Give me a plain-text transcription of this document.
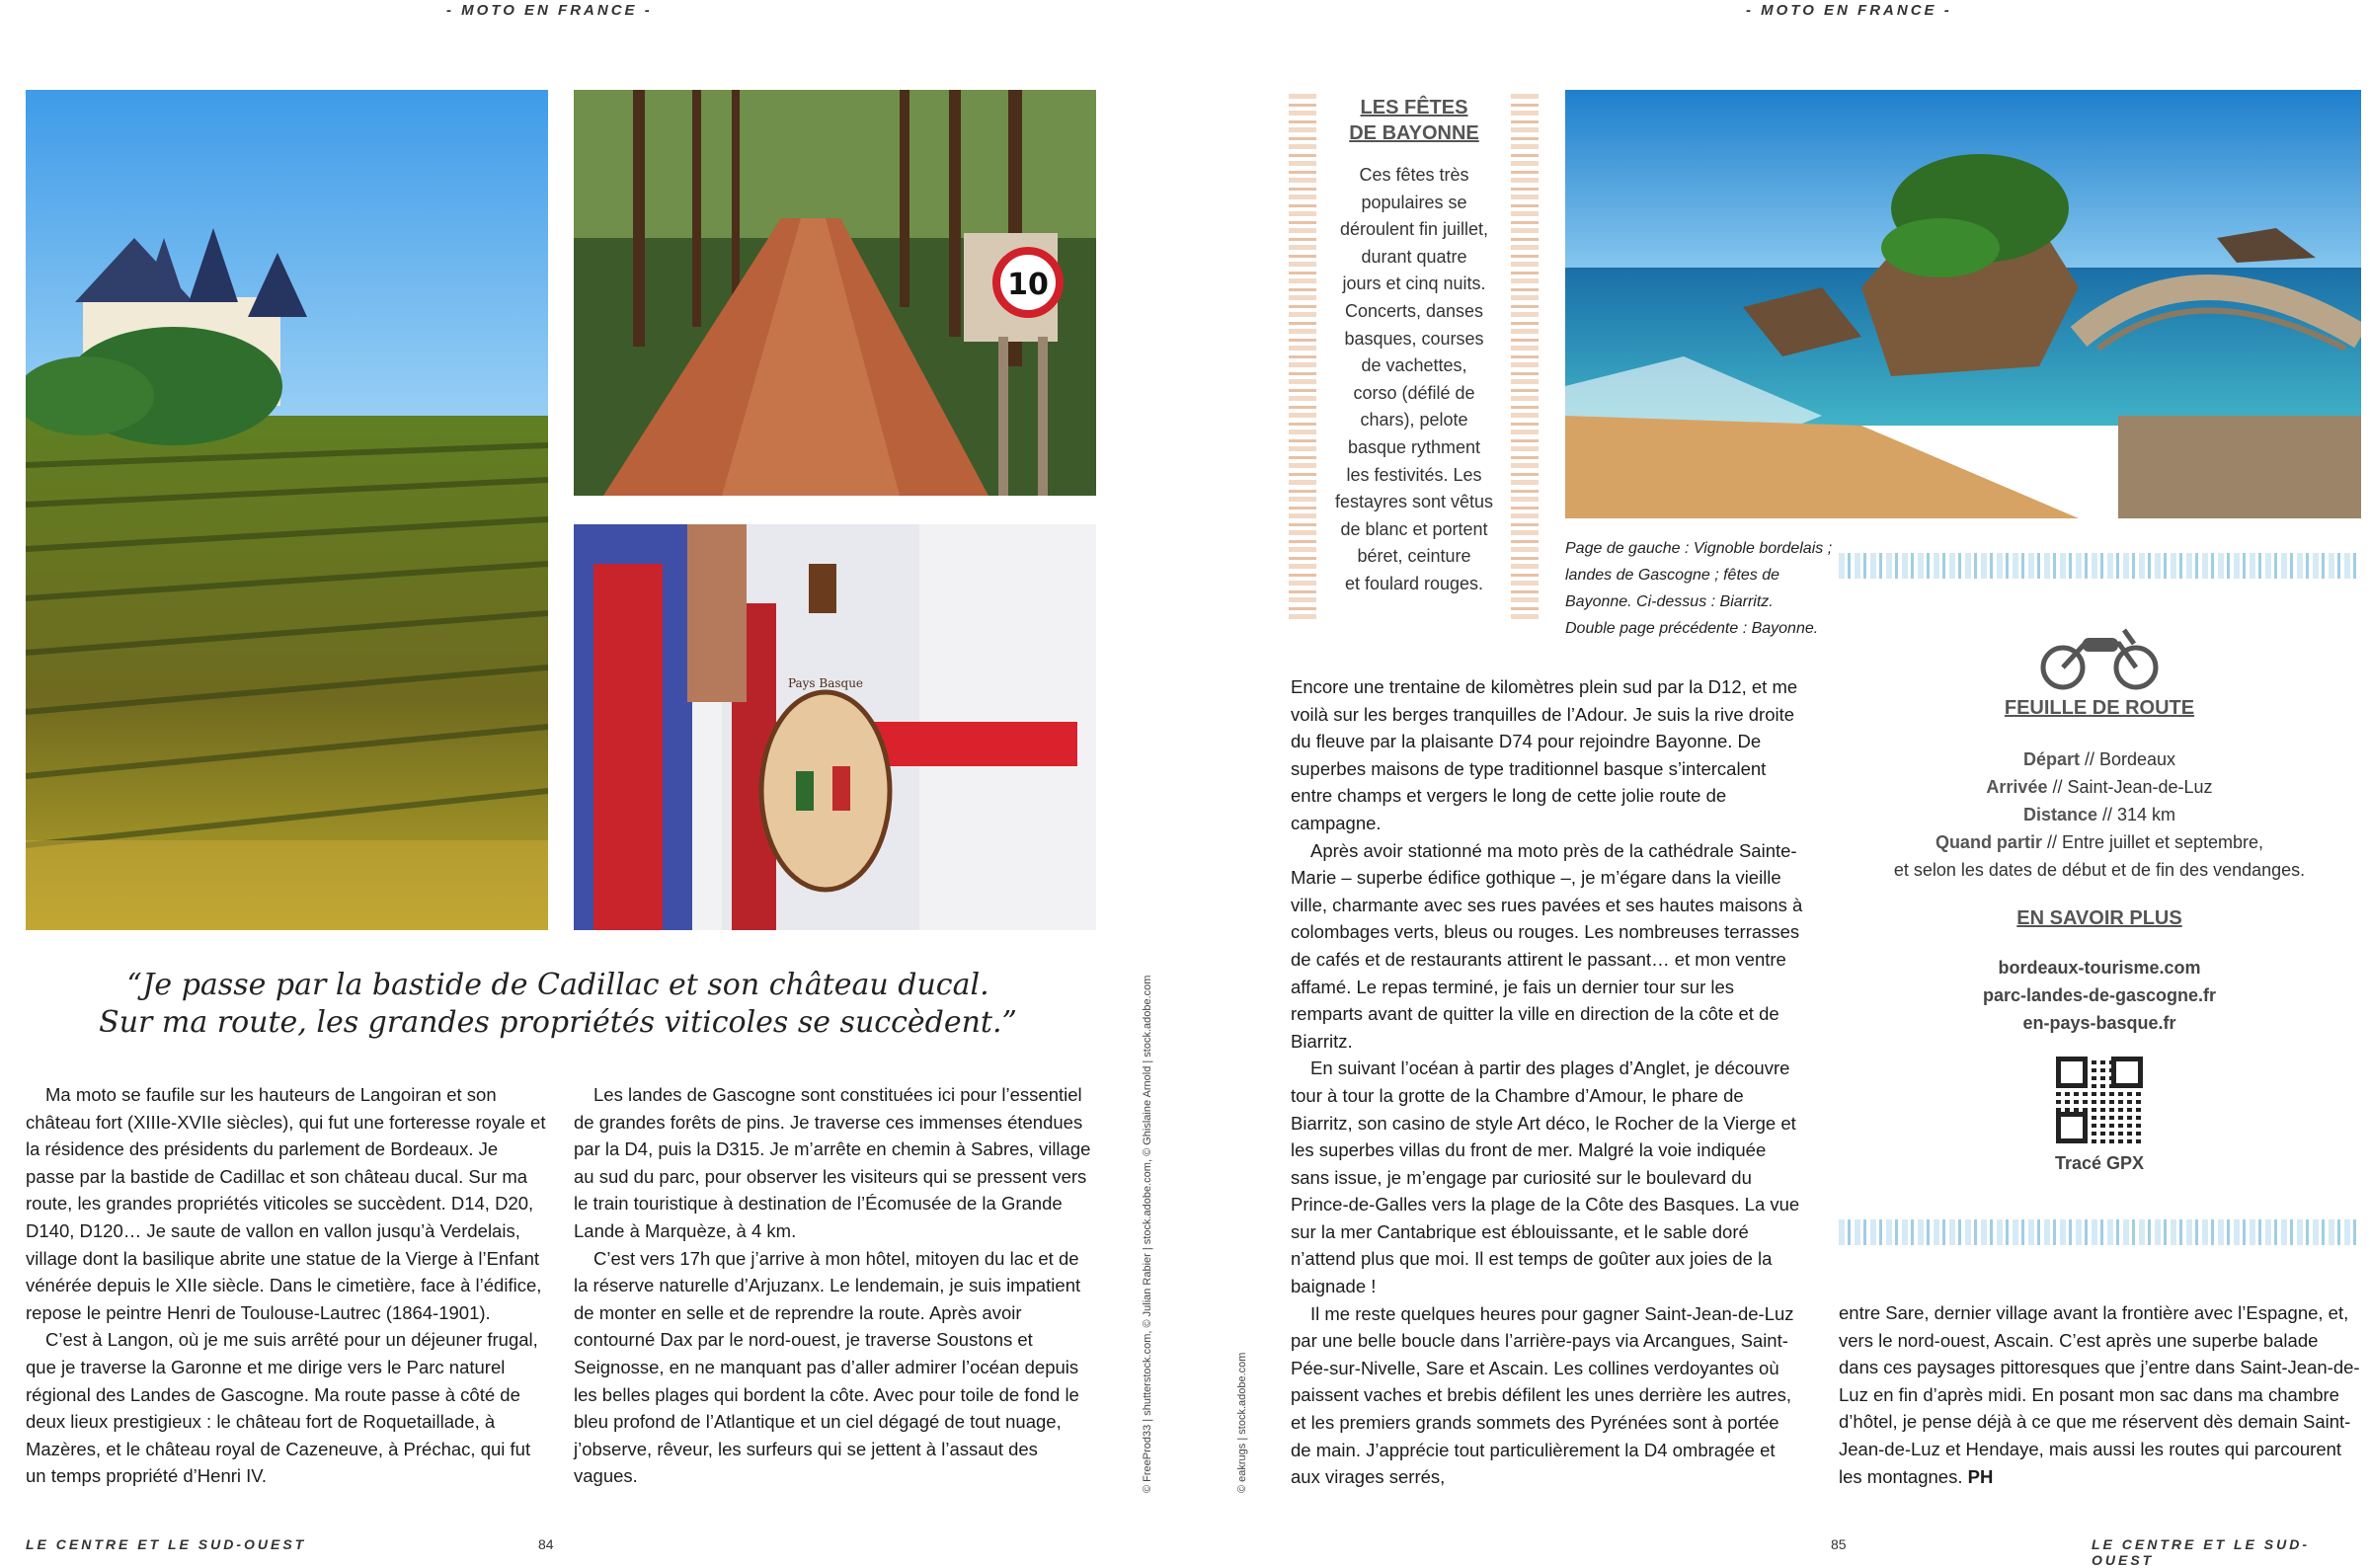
- MOTO EN FRANCE -	- MOTO EN FRANCE -
10
Pays Basque
“Je passe par la bastide de Cadillac et son château ducal.
Sur ma route, les grandes propriétés viticoles se succèdent.”

Ma moto se faufile sur les hauteurs de Langoiran et son château fort (XIIIe-XVIIe siècles), qui fut une forteresse royale et la résidence des présidents du parlement de Bordeaux. Je passe par la bastide de Cadillac et son château ducal. Sur ma route, les grandes propriétés viticoles se succèdent. D14, D20, D140, D120… Je saute de vallon en vallon jusqu’à Verdelais, village dont la basilique abrite une statue de la Vierge à l’Enfant vénérée depuis le XIIe siècle. Dans le cimetière, face à l’édifice, repose le peintre Henri de Toulouse-Lautrec (1864-1901).

C’est à Langon, où je me suis arrêté pour un déjeuner frugal, que je traverse la Garonne et me dirige vers le Parc naturel régional des Landes de Gascogne. Ma route passe à côté de deux lieux prestigieux : le château fort de Roquetaillade, à Mazères, et le château royal de Cazeneuve, à Préchac, qui fut un temps propriété d’Henri IV.

Les landes de Gascogne sont constituées ici pour l’essentiel de grandes forêts de pins. Je traverse ces immenses étendues par la D4, puis la D315. Je m’arrête en chemin à Sabres, village au sud du parc, pour observer les visiteurs qui se pressent vers le train touristique à destination de l’Écomusée de la Grande Lande à Marquèze, à 4 km.

C’est vers 17h que j’arrive à mon hôtel, mitoyen du lac et de la réserve naturelle d’Arjuzanx. Le lendemain, je suis impatient de monter en selle et de reprendre la route. Après avoir contourné Dax par le nord-ouest, je traverse Soustons et Seignosse, en ne manquant pas d’aller admirer l’océan depuis les belles plages qui bordent la côte. Avec pour toile de fond le bleu profond de l’Atlantique et un ciel dégagé de tout nuage, j’observe, rêveur, les surfeurs qui se jettent à l’assaut des vagues.	© FreeProd33 | shutterstock.com, © Julian Rabier | stock.adobe.com, © Ghislaine Arnold | stock.adobe.com	© eakrugs | stock.adobe.com
LE CENTRE ET LE SUD-OUEST	84	85	LE CENTRE ET LE SUD-OUEST
LES FÊTES
DE BAYONNE
Ces fêtes très
populaires se
déroulent fin juillet,
durant quatre
jours et cinq nuits.
Concerts, danses
basques, courses
de vachettes,
corso (défilé de
chars), pelote
basque rythment
les festivités. Les
festayres sont vêtus
de blanc et portent
béret, ceinture
et foulard rouges.
Page de gauche : Vignoble bordelais ;
landes de Gascogne ; fêtes de
Bayonne. Ci-dessus : Biarritz.
Double page précédente : Bayonne.

Encore une trentaine de kilomètres plein sud par la D12, et me voilà sur les berges tranquilles de l’Adour. Je suis la rive droite du fleuve par la plaisante D74 pour rejoindre Bayonne. De superbes maisons de type traditionnel basque s’intercalent entre champs et vergers le long de cette jolie route de campagne.

Après avoir stationné ma moto près de la cathédrale Sainte-Marie – superbe édifice gothique –, je m’égare dans la vieille ville, charmante avec ses rues pavées et ses hautes maisons à colombages verts, bleus ou rouges. Les nombreuses terrasses de cafés et de restaurants attirent le passant… et mon ventre affamé. Le repas terminé, je fais un dernier tour sur les remparts avant de quitter la ville en direction de la côte et de Biarritz.

En suivant l’océan à partir des plages d’Anglet, je découvre tour à tour la grotte de la Chambre d’Amour, le phare de Biarritz, son casino de style Art déco, le Rocher de la Vierge et les superbes villas du front de mer. Malgré la voie indiquée sans issue, je m’engage par curiosité sur le boulevard du Prince-de-Galles vers la plage de la Côte des Basques. La vue sur la mer Cantabrique est éblouissante, et le sable doré n’attend plus que moi. Il est temps de goûter aux joies de la baignade !

Il me reste quelques heures pour gagner Saint-Jean-de-Luz par une belle boucle dans l’arrière-pays via Arcangues, Saint-Pée-sur-Nivelle, Sare et Ascain. Les collines verdoyantes où paissent vaches et brebis défilent les unes derrière les autres, et les premiers grands sommets des Pyrénées sont à portée de main. J’apprécie tout particulièrement la D4 ombragée et aux virages serrés,

FEUILLE DE ROUTE
Départ // Bordeaux
Arrivée // Saint-Jean-de-Luz
Distance // 314 km
Quand partir // Entre juillet et septembre,
et selon les dates de début et de fin des vendanges.
EN SAVOIR PLUS
bordeaux-tourisme.com
parc-landes-de-gascogne.fr
en-pays-basque.fr
Tracé GPX

entre Sare, dernier village avant la frontière avec l’Espagne, et, vers le nord-ouest, Ascain. C’est après une superbe balade dans ces paysages pittoresques que j’entre dans Saint-Jean-de-Luz en fin d’après midi. En posant mon sac dans ma chambre d’hôtel, je pense déjà à ce que me réservent dès demain Saint-Jean-de-Luz et Hendaye, mais aussi les routes qui parcourent les montagnes. PH
